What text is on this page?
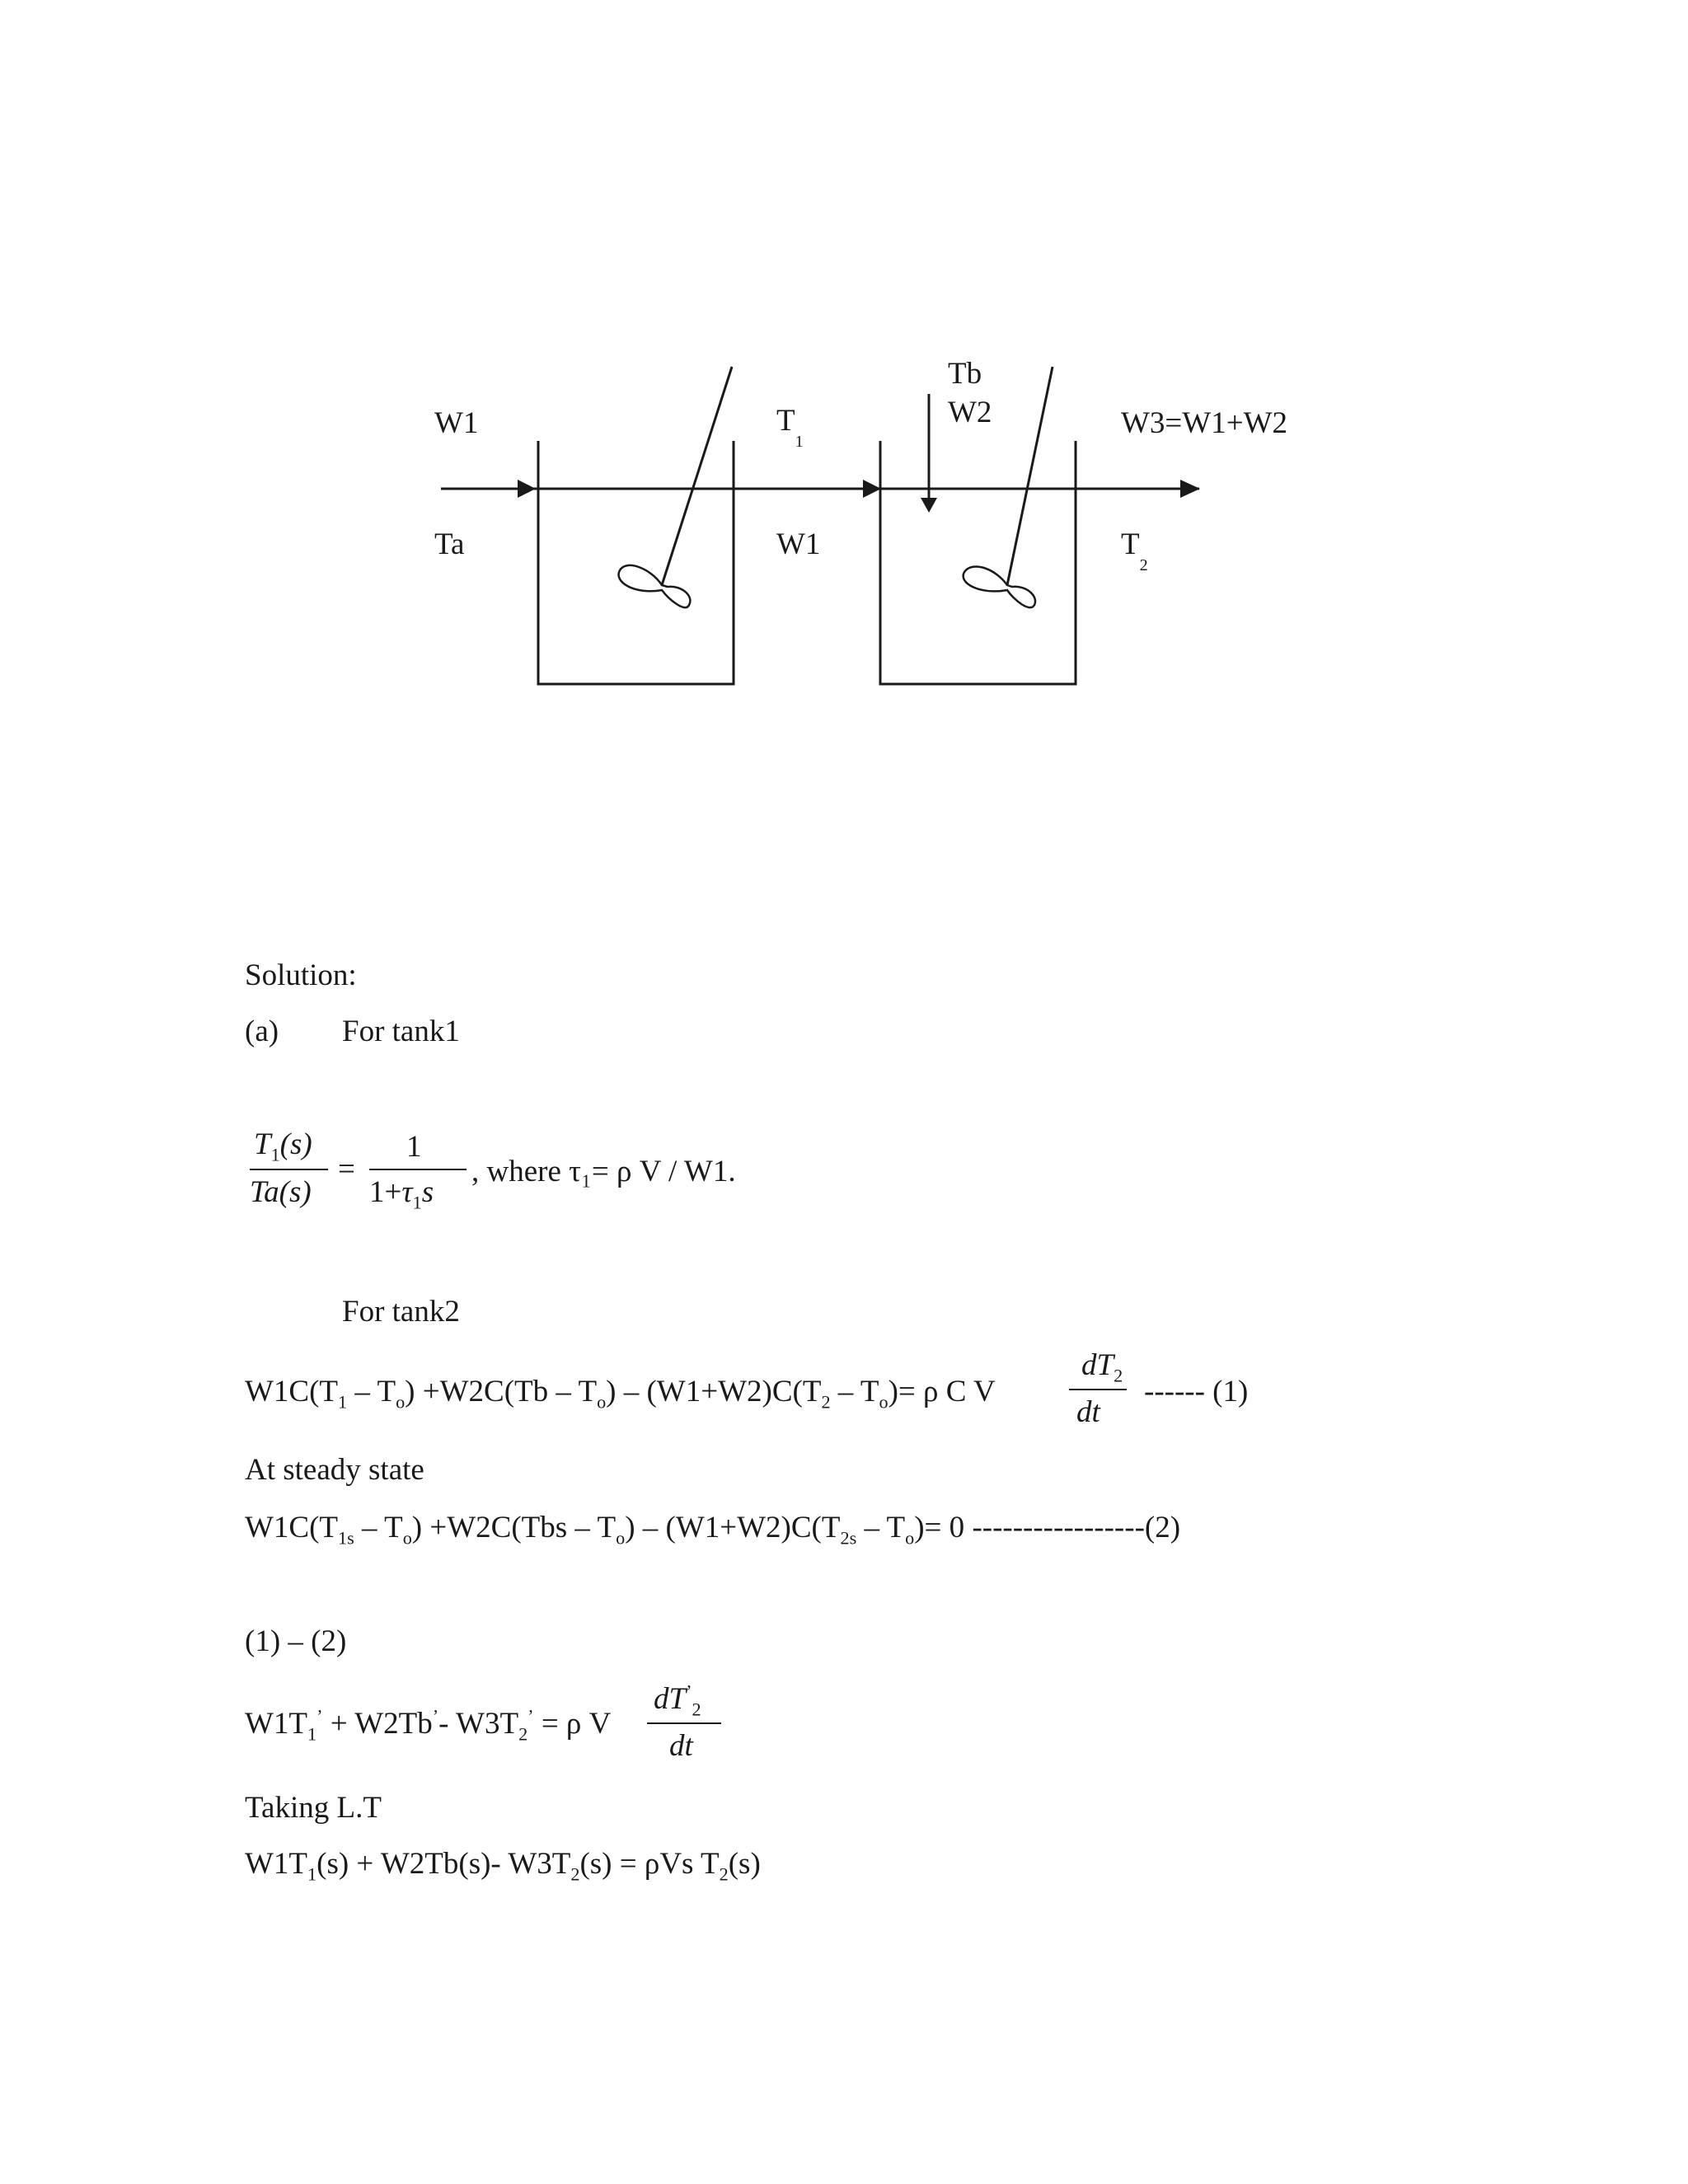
W1
Ta
$T_1$
W1
Tb
W2	W3=W1+W2
$T_2$
Solution:
(a) For tank1
$T_1(s)$
Ta(s)
=
1
$1+\tau_1s$
, where τ₁= ρ V / W1.
For tank2
$W1C(T_1 - T_o) +W2C(Tb - T_o) - (W1+W2)C(T_2 - T_o)= \rho$ C V
$dT_2$
dt
------ (1)
At steady state
$W1C(T_{1s} - T_o) +W2C(Tbs - T_o) - (W1+W2)C(T_{2s} - T_o)= 0$ -----------------(2)
(1) – (2)
$W1T_1^’ + W2Tb^’-$ $W3T_2^’ = \rho$ V
$dT^’_2$
dt
Taking L.T
$W1T_1(s) + W2Tb(s)-$ $W3T_2(s) = \rho Vs$ $T_2(s)$
